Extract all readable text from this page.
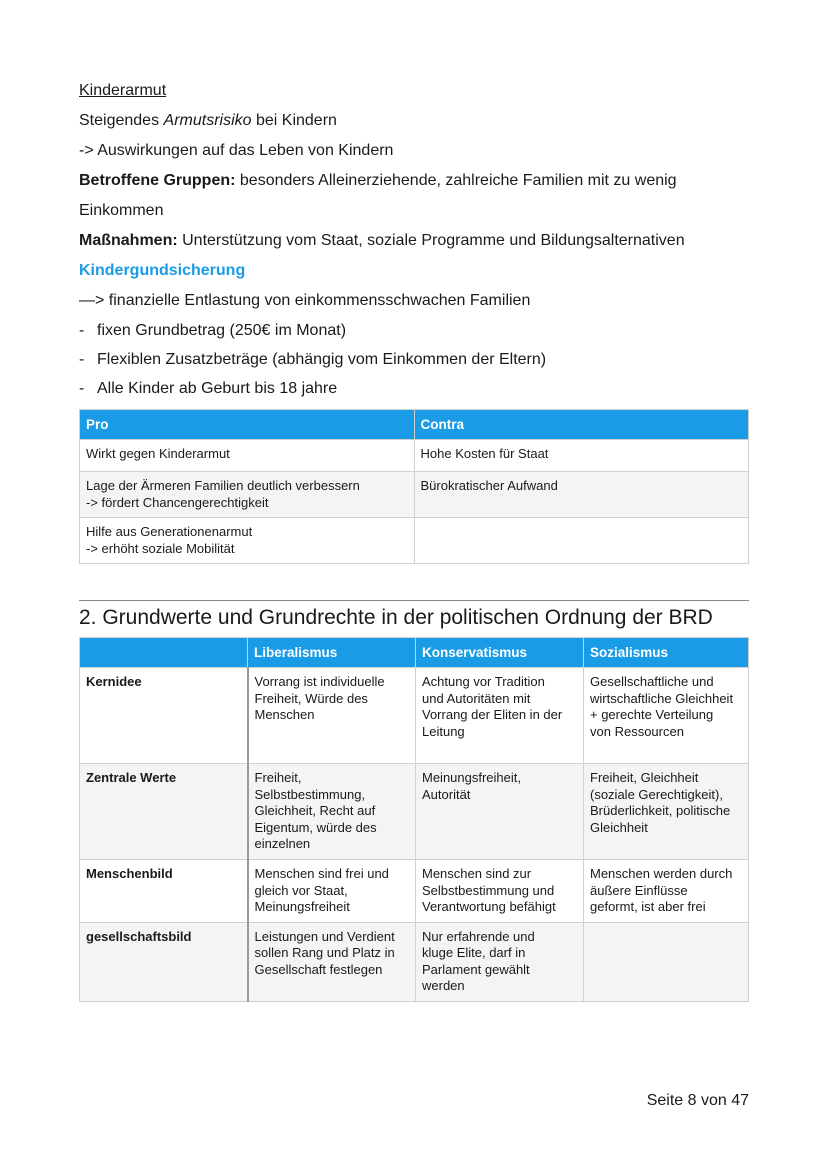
Kinderarmut
Steigendes Armutsrisiko bei Kindern
-> Auswirkungen auf das Leben von Kindern
Betroffene Gruppen: besonders Alleinerziehende, zahlreiche Familien mit zu wenig
Einkommen
Maßnahmen: Unterstützung vom Staat, soziale Programme und Bildungsalternativen
Kindergundsicherung
—> finanzielle Entlastung von einkommensschwachen Familien
- fixen Grundbetrag (250€ im Monat)
- Flexiblen Zusatzbeträge (abhängig vom Einkommen der Eltern)
- Alle Kinder ab Geburt bis 18 jahre
Pro	Contra
Wirkt gegen Kinderarmut	Hohe Kosten für Staat
Lage der Ärmeren Familien deutlich verbessern
-> fördert Chancengerechtigkeit	Bürokratischer Aufwand
Hilfe aus Generationenarmut
-> erhöht soziale Mobilität	
2. Grundwerte und Grundrechte in der politischen Ordnung der BRD
	Liberalismus	Konservatismus	Sozialismus
Kernidee	Vorrang ist individuelle
Freiheit, Würde des
Menschen	Achtung vor Tradition
und Autoritäten mit
Vorrang der Eliten in der
Leitung	Gesellschaftliche und
wirtschaftliche Gleichheit
+ gerechte Verteilung
von Ressourcen
Zentrale Werte	Freiheit,
Selbstbestimmung,
Gleichheit, Recht auf
Eigentum, würde des
einzelnen	Meinungsfreiheit,
Autorität	Freiheit, Gleichheit
(soziale Gerechtigkeit),
Brüderlichkeit, politische
Gleichheit
Menschenbild	Menschen sind frei und
gleich vor Staat,
Meinungsfreiheit	Menschen sind zur
Selbstbestimmung und
Verantwortung befähigt	Menschen werden durch
äußere Einflüsse
geformt, ist aber frei
gesellschaftsbild	Leistungen und Verdient
sollen Rang und Platz in
Gesellschaft festlegen	Nur erfahrende und
kluge Elite, darf in
Parlament gewählt
werden	
Seite 8 von 47
